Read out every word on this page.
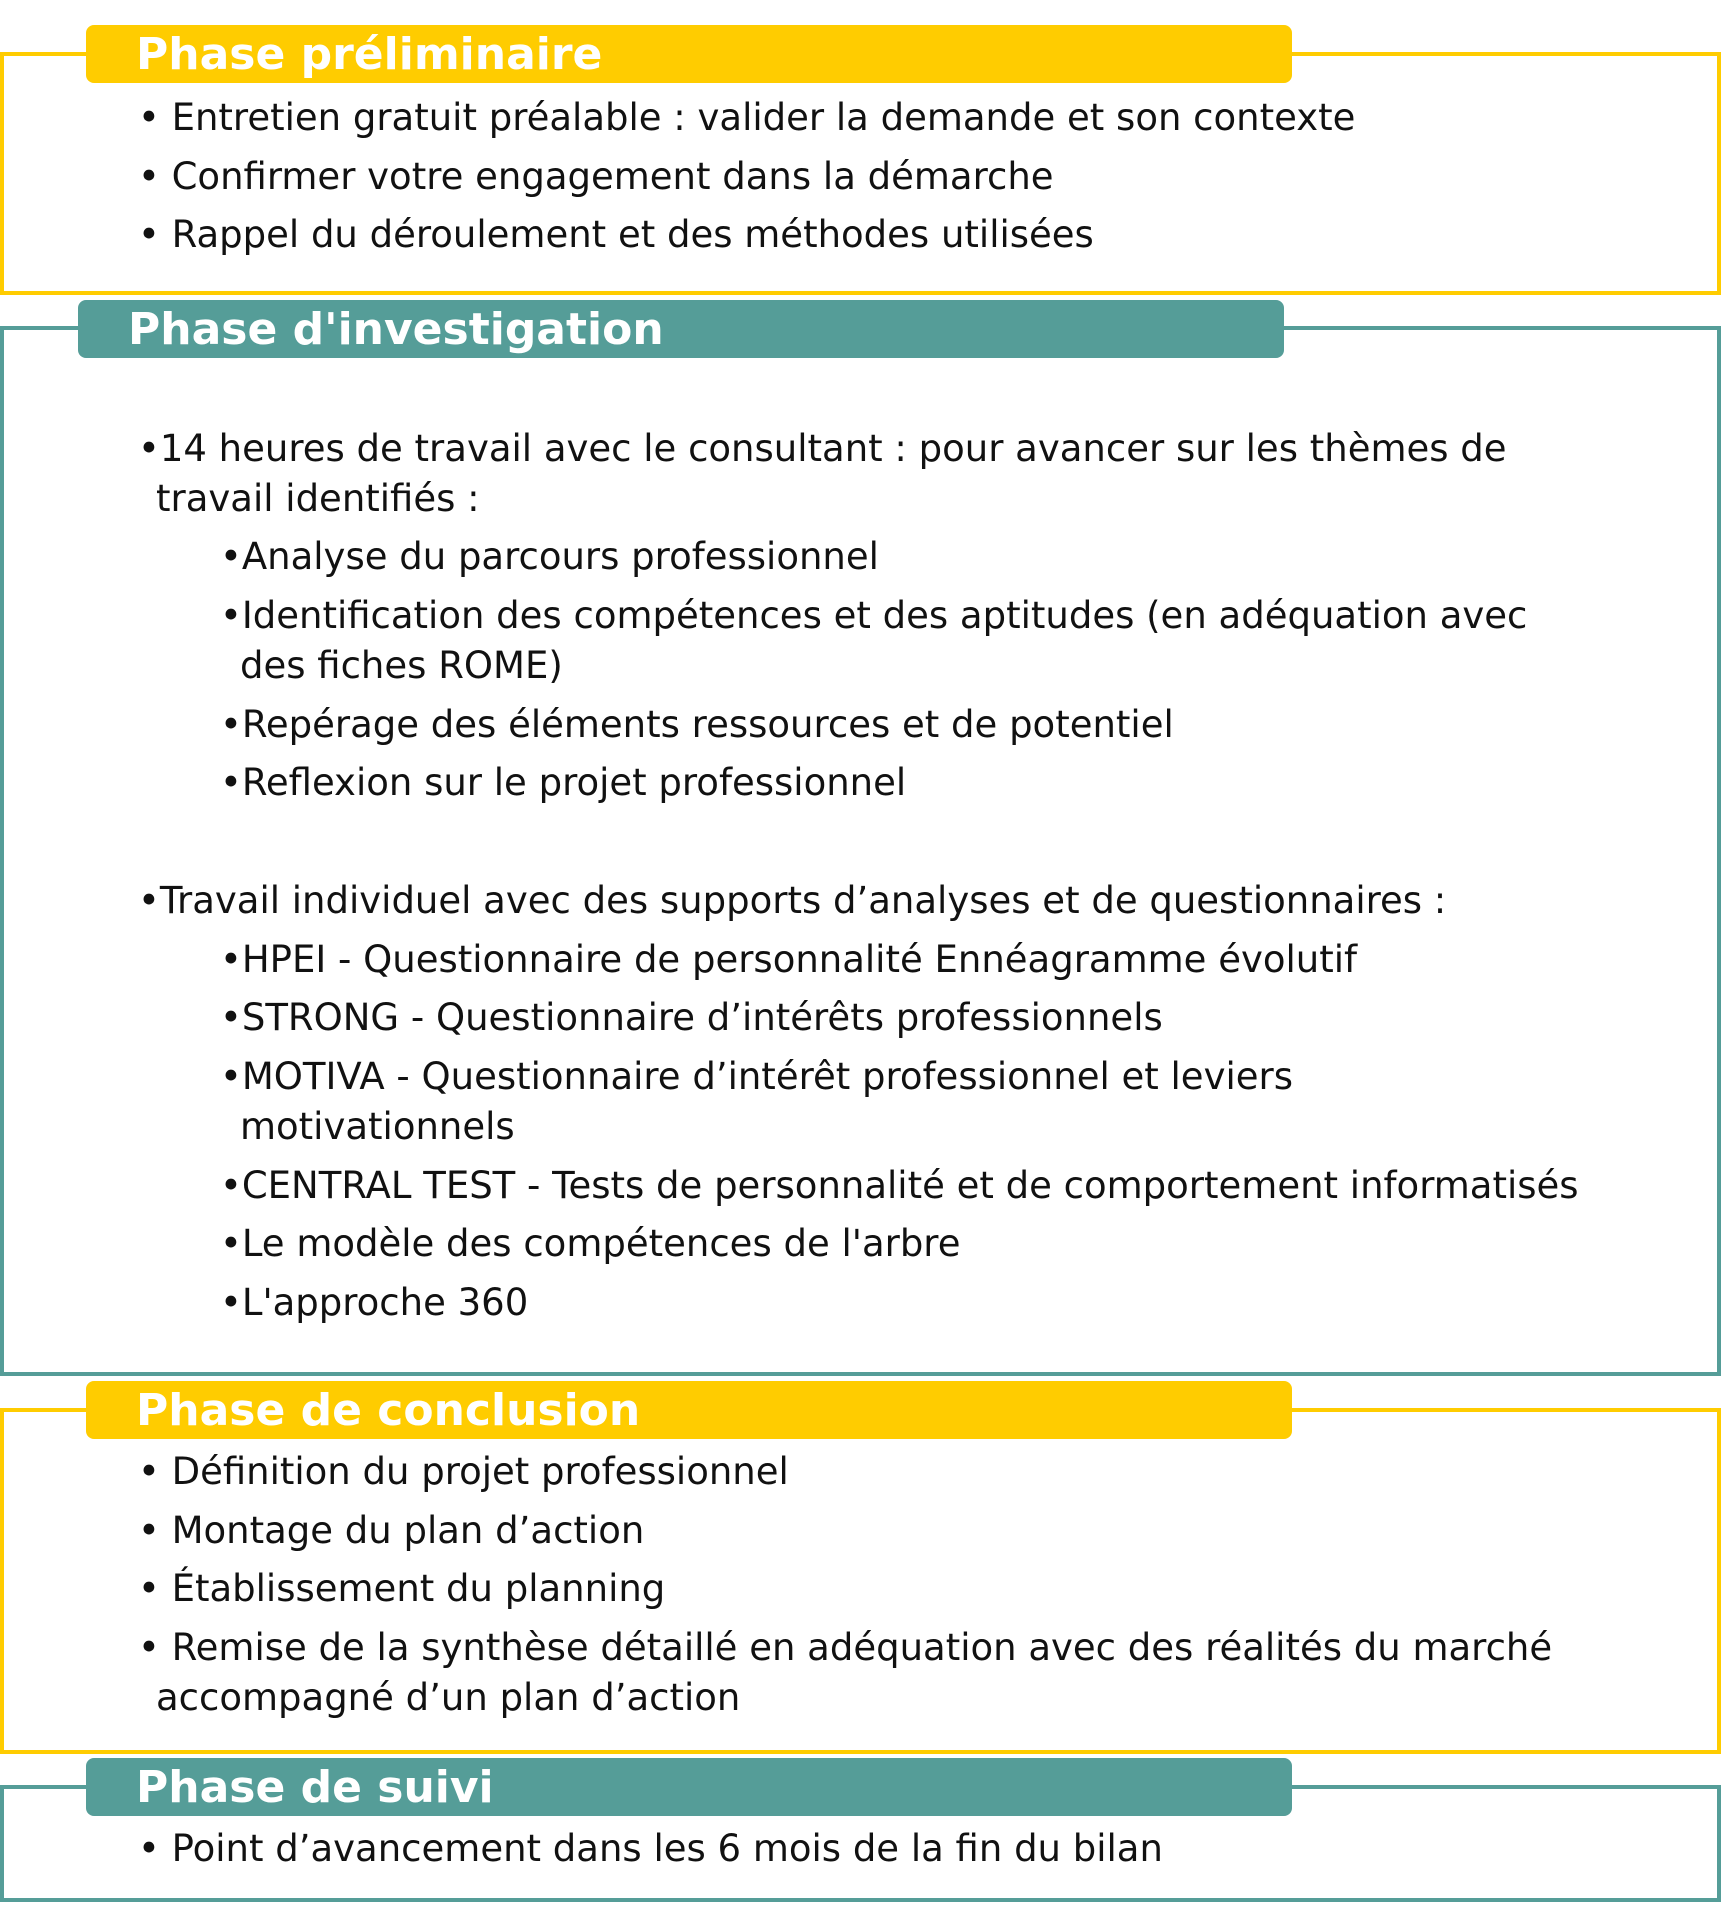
Phase préliminaire
• Entretien gratuit préalable : valider la demande et son contexte
• Confirmer votre engagement dans la démarche
• Rappel du déroulement et des méthodes utilisées
Phase d'investigation
•14 heures de travail avec le consultant : pour avancer sur les thèmes de
travail identifiés :
•Analyse du parcours professionnel
•Identification des compétences et des aptitudes (en adéquation avec
des fiches ROME)
•Repérage des éléments ressources et de potentiel
•Reflexion sur le projet professionnel
•Travail individuel avec des supports d’analyses et de questionnaires :
•HPEI - Questionnaire de personnalité Ennéagramme évolutif
•STRONG - Questionnaire d’intérêts professionnels
•MOTIVA - Questionnaire d’intérêt professionnel et leviers
motivationnels
•CENTRAL TEST - Tests de personnalité et de comportement informatisés
•Le modèle des compétences de l'arbre
•L'approche 360
Phase de conclusion
• Définition du projet professionnel
• Montage du plan d’action
• Établissement du planning
• Remise de la synthèse détaillé en adéquation avec des réalités du marché
accompagné d’un plan d’action
Phase de suivi
• Point d’avancement dans les 6 mois de la fin du bilan
